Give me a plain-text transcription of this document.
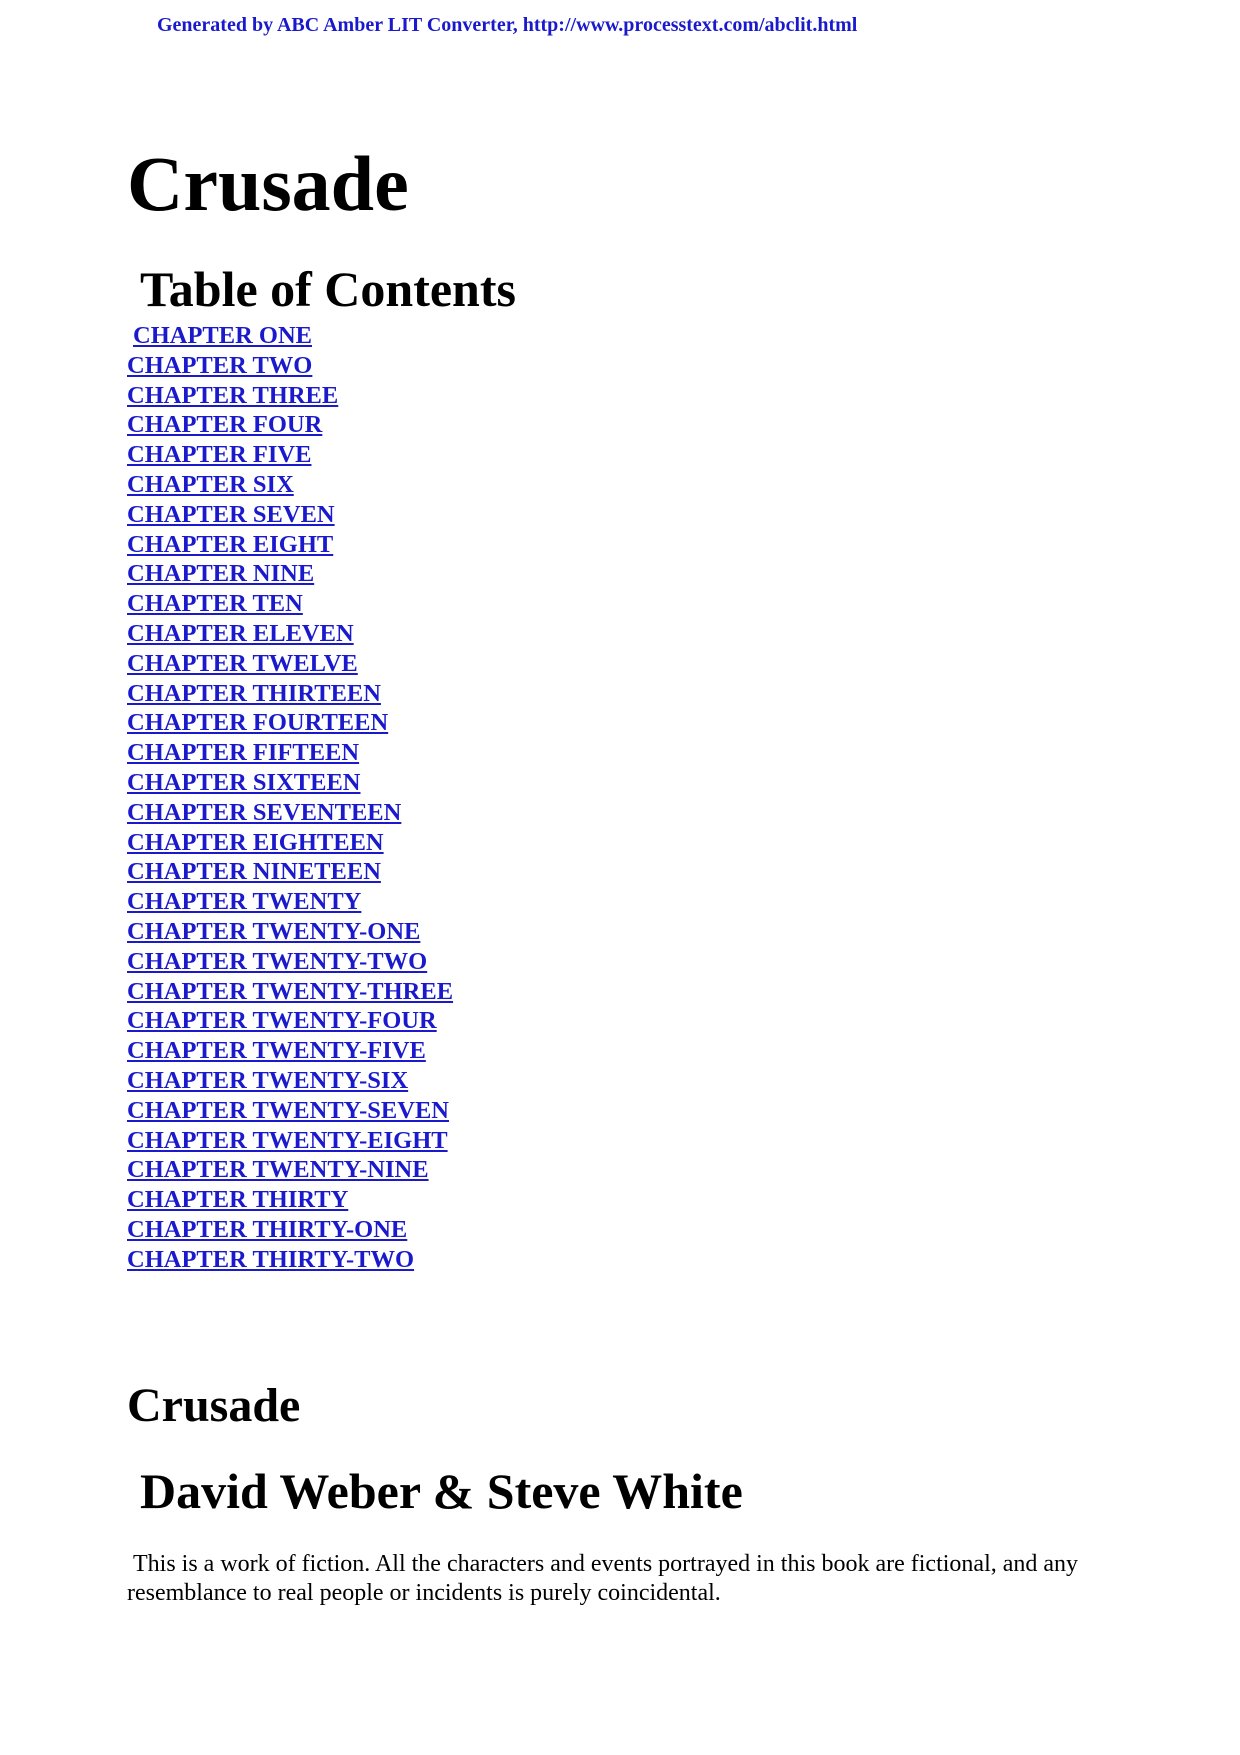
Generated by ABC Amber LIT Converter, http://www.processtext.com/abclit.html
Crusade
Table of Contents
CHAPTER ONE
CHAPTER TWO
CHAPTER THREE
CHAPTER FOUR
CHAPTER FIVE
CHAPTER SIX
CHAPTER SEVEN
CHAPTER EIGHT
CHAPTER NINE
CHAPTER TEN
CHAPTER ELEVEN
CHAPTER TWELVE
CHAPTER THIRTEEN
CHAPTER FOURTEEN
CHAPTER FIFTEEN
CHAPTER SIXTEEN
CHAPTER SEVENTEEN
CHAPTER EIGHTEEN
CHAPTER NINETEEN
CHAPTER TWENTY
CHAPTER TWENTY-ONE
CHAPTER TWENTY-TWO
CHAPTER TWENTY-THREE
CHAPTER TWENTY-FOUR
CHAPTER TWENTY-FIVE
CHAPTER TWENTY-SIX
CHAPTER TWENTY-SEVEN
CHAPTER TWENTY-EIGHT
CHAPTER TWENTY-NINE
CHAPTER THIRTY
CHAPTER THIRTY-ONE
CHAPTER THIRTY-TWO
Crusade
David Weber & Steve White

This is a work of fiction. All the characters and events portrayed in this book are fictional, and any resemblance to real people or incidents is purely coincidental.
